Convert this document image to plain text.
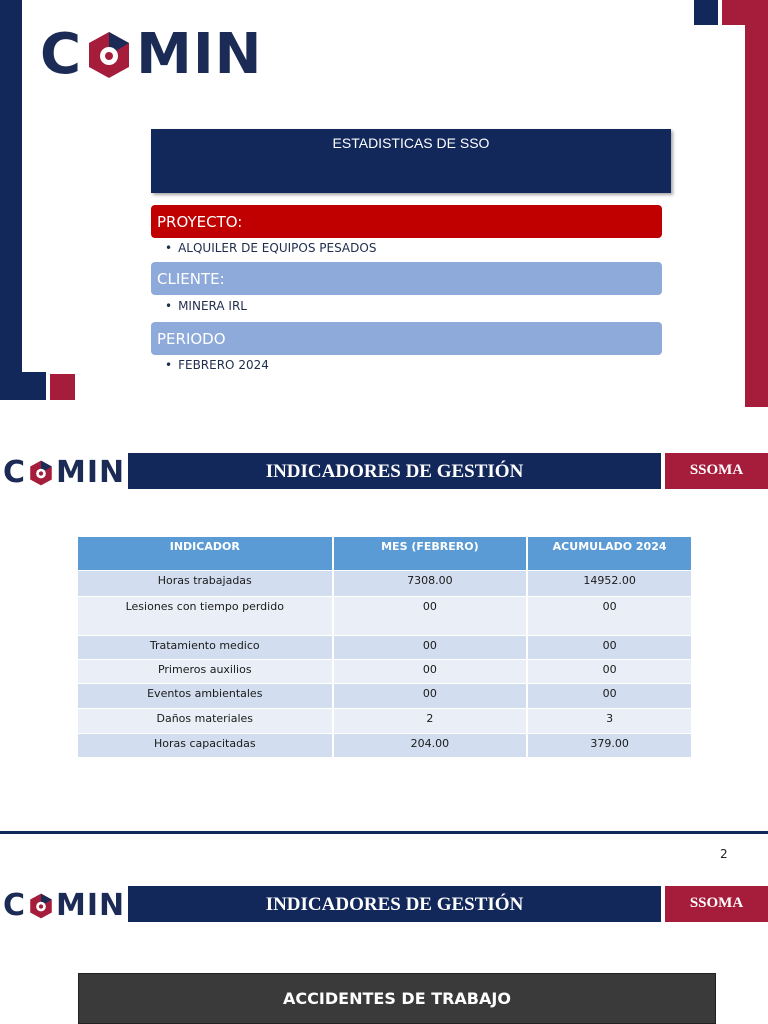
C MIN
ESTADISTICAS DE SSO
PROYECTO:
• ALQUILER DE EQUIPOS PESADOS
CLIENTE:
• MINERA IRL
PERIODO
• FEBRERO 2024
C MIN	INDICADORES DE GESTIÓN	SSOMA
INDICADOR	MES (FEBRERO)	ACUMULADO 2024
Horas trabajadas	7308.00	14952.00
Lesiones con tiempo perdido	00	00
Tratamiento medico	00	00
Primeros auxilios	00	00
Eventos ambientales	00	00
Daños materiales	2	3
Horas capacitadas	204.00	379.00
2
C MIN	INDICADORES DE GESTIÓN	SSOMA
ACCIDENTES DE TRABAJO
